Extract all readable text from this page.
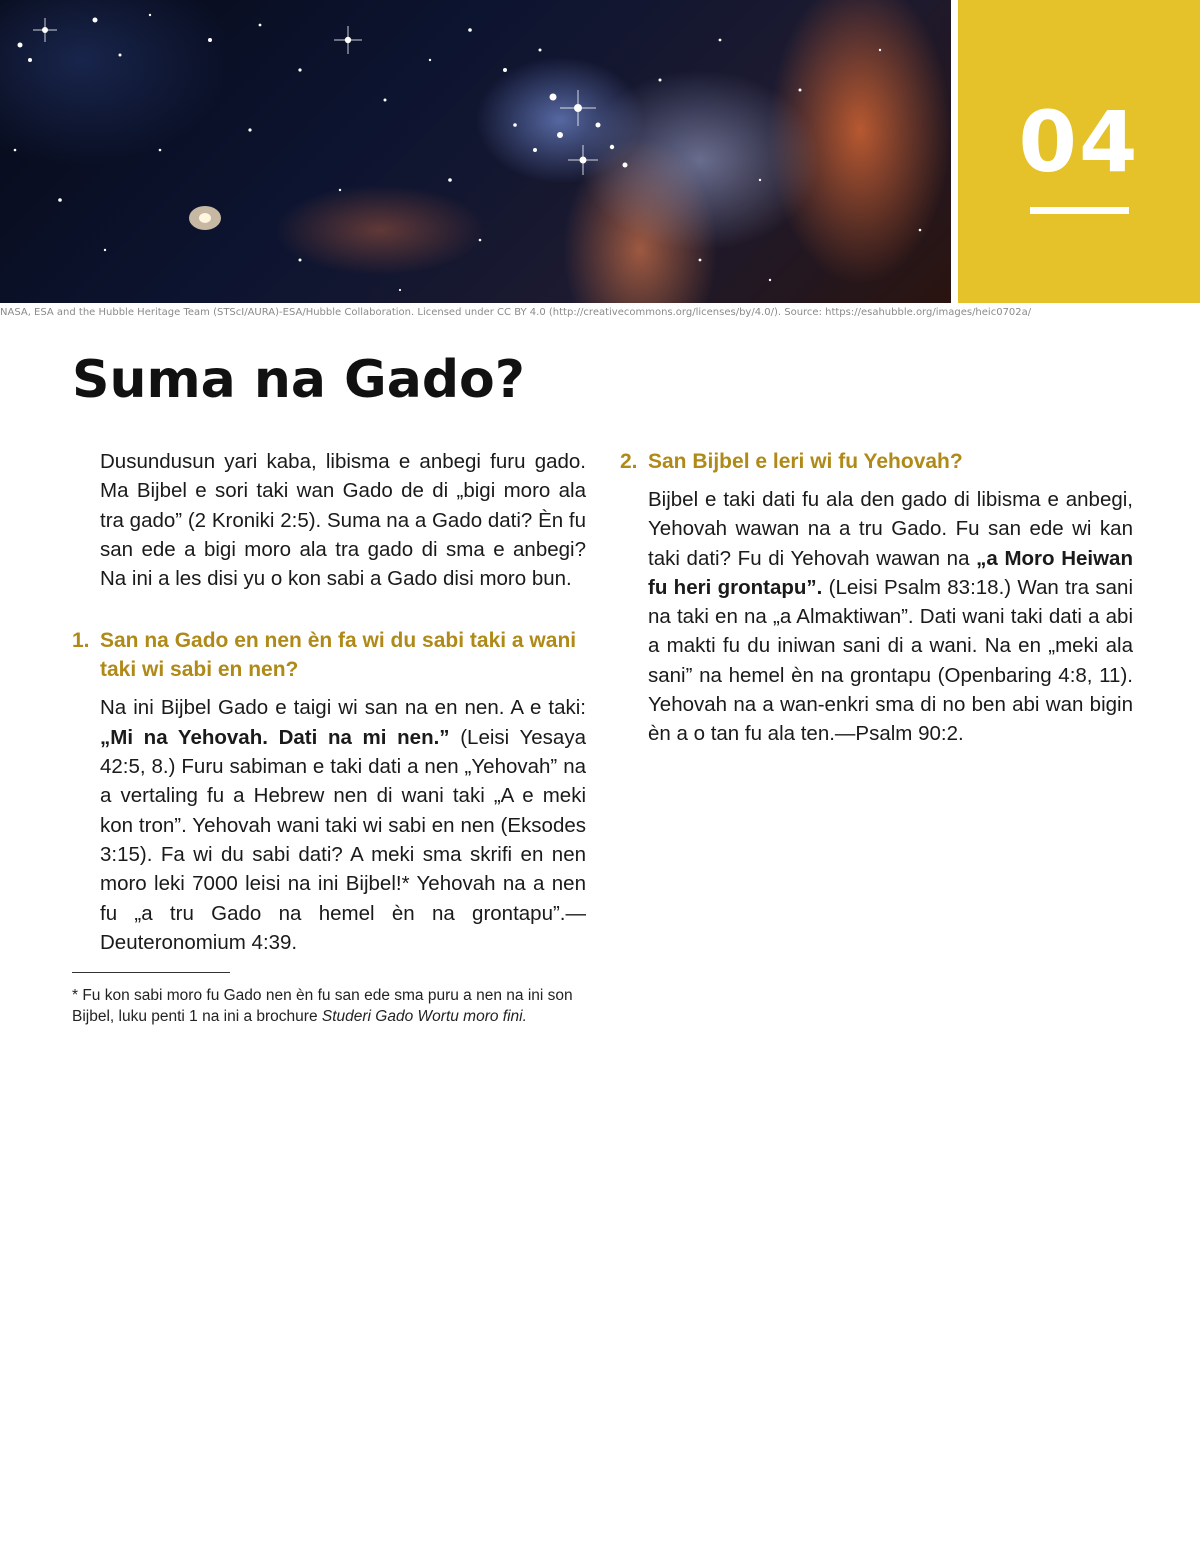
04
NASA, ESA and the Hubble Heritage Team (STScI/AURA)-ESA/Hubble Collaboration. Licensed under CC BY 4.0 (http://creativecommons.org/licenses/by/4.0/). Source: https://esahubble.org/images/heic0702a/
Suma na Gado?

Dusundusun yari kaba, libisma e anbegi furu gado. Ma Bijbel e sori taki wan Gado de di „bigi moro ala tra gado” (2 Kroniki 2:5). Suma na a Gado dati? Èn fu san ede a bigi moro ala tra gado di sma e anbegi? Na ini a les disi yu o kon sabi a Gado disi moro bun.

1. San na Gado en nen èn fa wi du sabi taki a wani taki wi sabi en nen?

Na ini Bijbel Gado e taigi wi san na en nen. A e taki: „Mi na Yehovah. Dati na mi nen.” (Leisi Yesaya 42:5, 8.) Furu sabiman e taki dati a nen „Yehovah” na a vertaling fu a Hebrew nen di wani taki „A e meki kon tron”. Yehovah wani taki wi sabi en nen (Eksodes 3:15). Fa wi du sabi dati? A meki sma skrifi en nen moro leki 7000 leisi na ini Bijbel!* Yehovah na a nen fu „a tru Gado na hemel èn na grontapu”.—Deuteronomium 4:39.

* Fu kon sabi moro fu Gado nen èn fu san ede sma puru a nen na ini son Bijbel, luku penti 1 na ini a brochure Studeri Gado Wortu moro fini.

2. San Bijbel e leri wi fu Yehovah?

Bijbel e taki dati fu ala den gado di libisma e anbegi, Yehovah wawan na a tru Gado. Fu san ede wi kan taki dati? Fu di Yehovah wawan na „a Moro Heiwan fu heri grontapu”. (Leisi Psalm 83:18.) Wan tra sani na taki en na „a Almaktiwan”. Dati wani taki dati a abi a makti fu du iniwan sani di a wani. Na en „meki ala sani” na hemel èn na grontapu (Openbaring 4:8, 11). Yehovah na a wan-enkri sma di no ben abi wan bigin èn a o tan fu ala ten.—Psalm 90:2.
